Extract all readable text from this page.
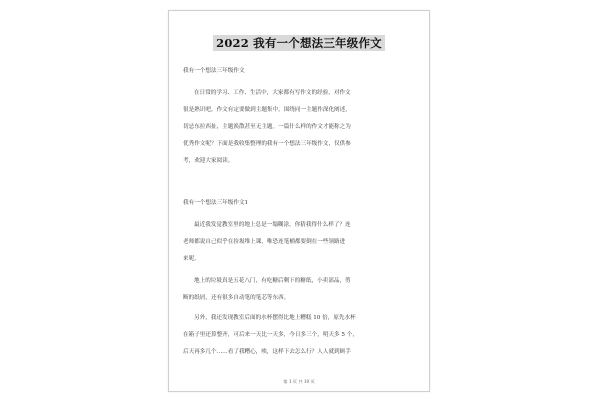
2022 我有一个想法三年级作文
我有一个想法三年级作文
在日常的学习、工作、生活中，大家都有写作文的经验，对作文
很是熟识吧，作文有定要做到主题集中，围绕同一主题作深化阐述，
切忌东拉西扯，主题涣散甚至无主题。一篇什么样的作文才能称之为
优秀作文呢？下面是我收集整理的我有一个想法三年级作文，仅供参
考，欢迎大家阅读。
我有一个想法三年级作文1
最近我发觉教室里的地上总是一塌糊涂，你猜我得什么样了？连
老师都说自己似乎在捡圾堆上课，唯恐连笔桶都要倒在一些领路进
来呢。
地上的垃圾真是五花八门，有吃糖后剩下的糖纸，小卖部品，剪
断的纸屑，还有很多自动笔的笔芯等东西。
另外，我还发现教室后面的水杯摆得比地上糟糕 10 倍，原先水杯
在箱子里还算整齐，可后来一天比一天多，今日多三个，明天多 5 个，
后天再多几个……看了我糟心，唉，这样下去怎么行？人人就到顾手
第 1 页 共 10 页
